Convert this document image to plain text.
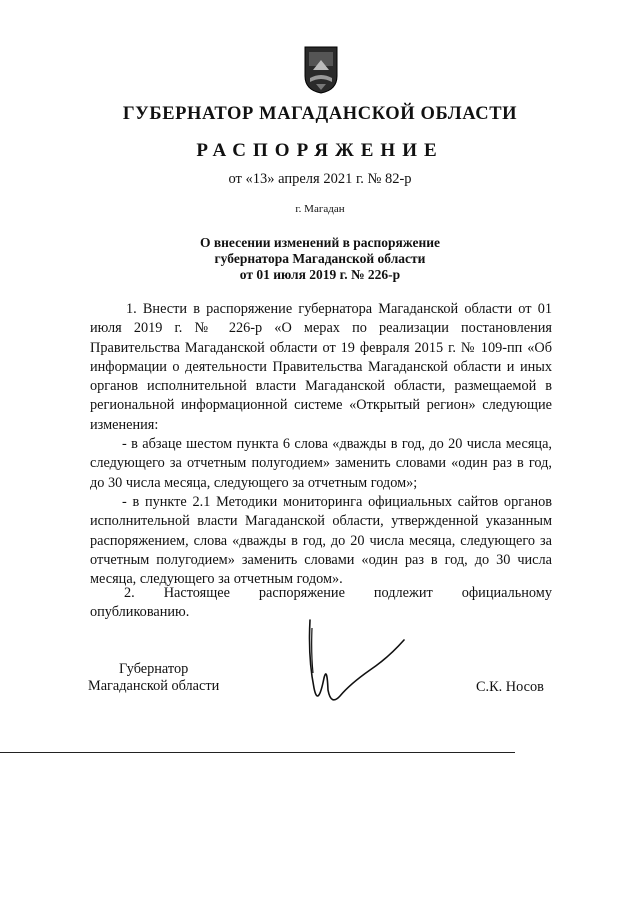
ГУБЕРНАТОР МАГАДАНСКОЙ ОБЛАСТИ
РАСПОРЯЖЕНИЕ
от «13» апреля 2021 г. № 82-р
г. Магадан
О внесении изменений в распоряжение
губернатора Магаданской области
от 01 июля 2019 г. № 226-р

1. Внести в распоряжение губернатора Магаданской области от 01 июля 2019 г. № 226-р «О мерах по реализации постановления Правительства Магаданской области от 19 февраля 2015 г. № 109-пп «Об информации о деятельности Правительства Магаданской области и иных органов исполнительной власти Магаданской области, размещаемой в региональной информационной системе «Открытый регион» следующие изменения:

- в абзаце шестом пункта 6 слова «дважды в год, до 20 числа месяца, следующего за отчетным полугодием» заменить словами «один раз в год, до 30 числа месяца, следующего за отчетным годом»;

- в пункте 2.1 Методики мониторинга официальных сайтов органов исполнительной власти Магаданской области, утвержденной указанным распоряжением, слова «дважды в год, до 20 числа месяца, следующего за отчетным полугодием» заменить словами «один раз в год, до 30 числа месяца, следующего за отчетным годом».

2. Настоящее распоряжение подлежит официальному
опубликованию.
Губернатор
Магаданской области	С.К. Носов
